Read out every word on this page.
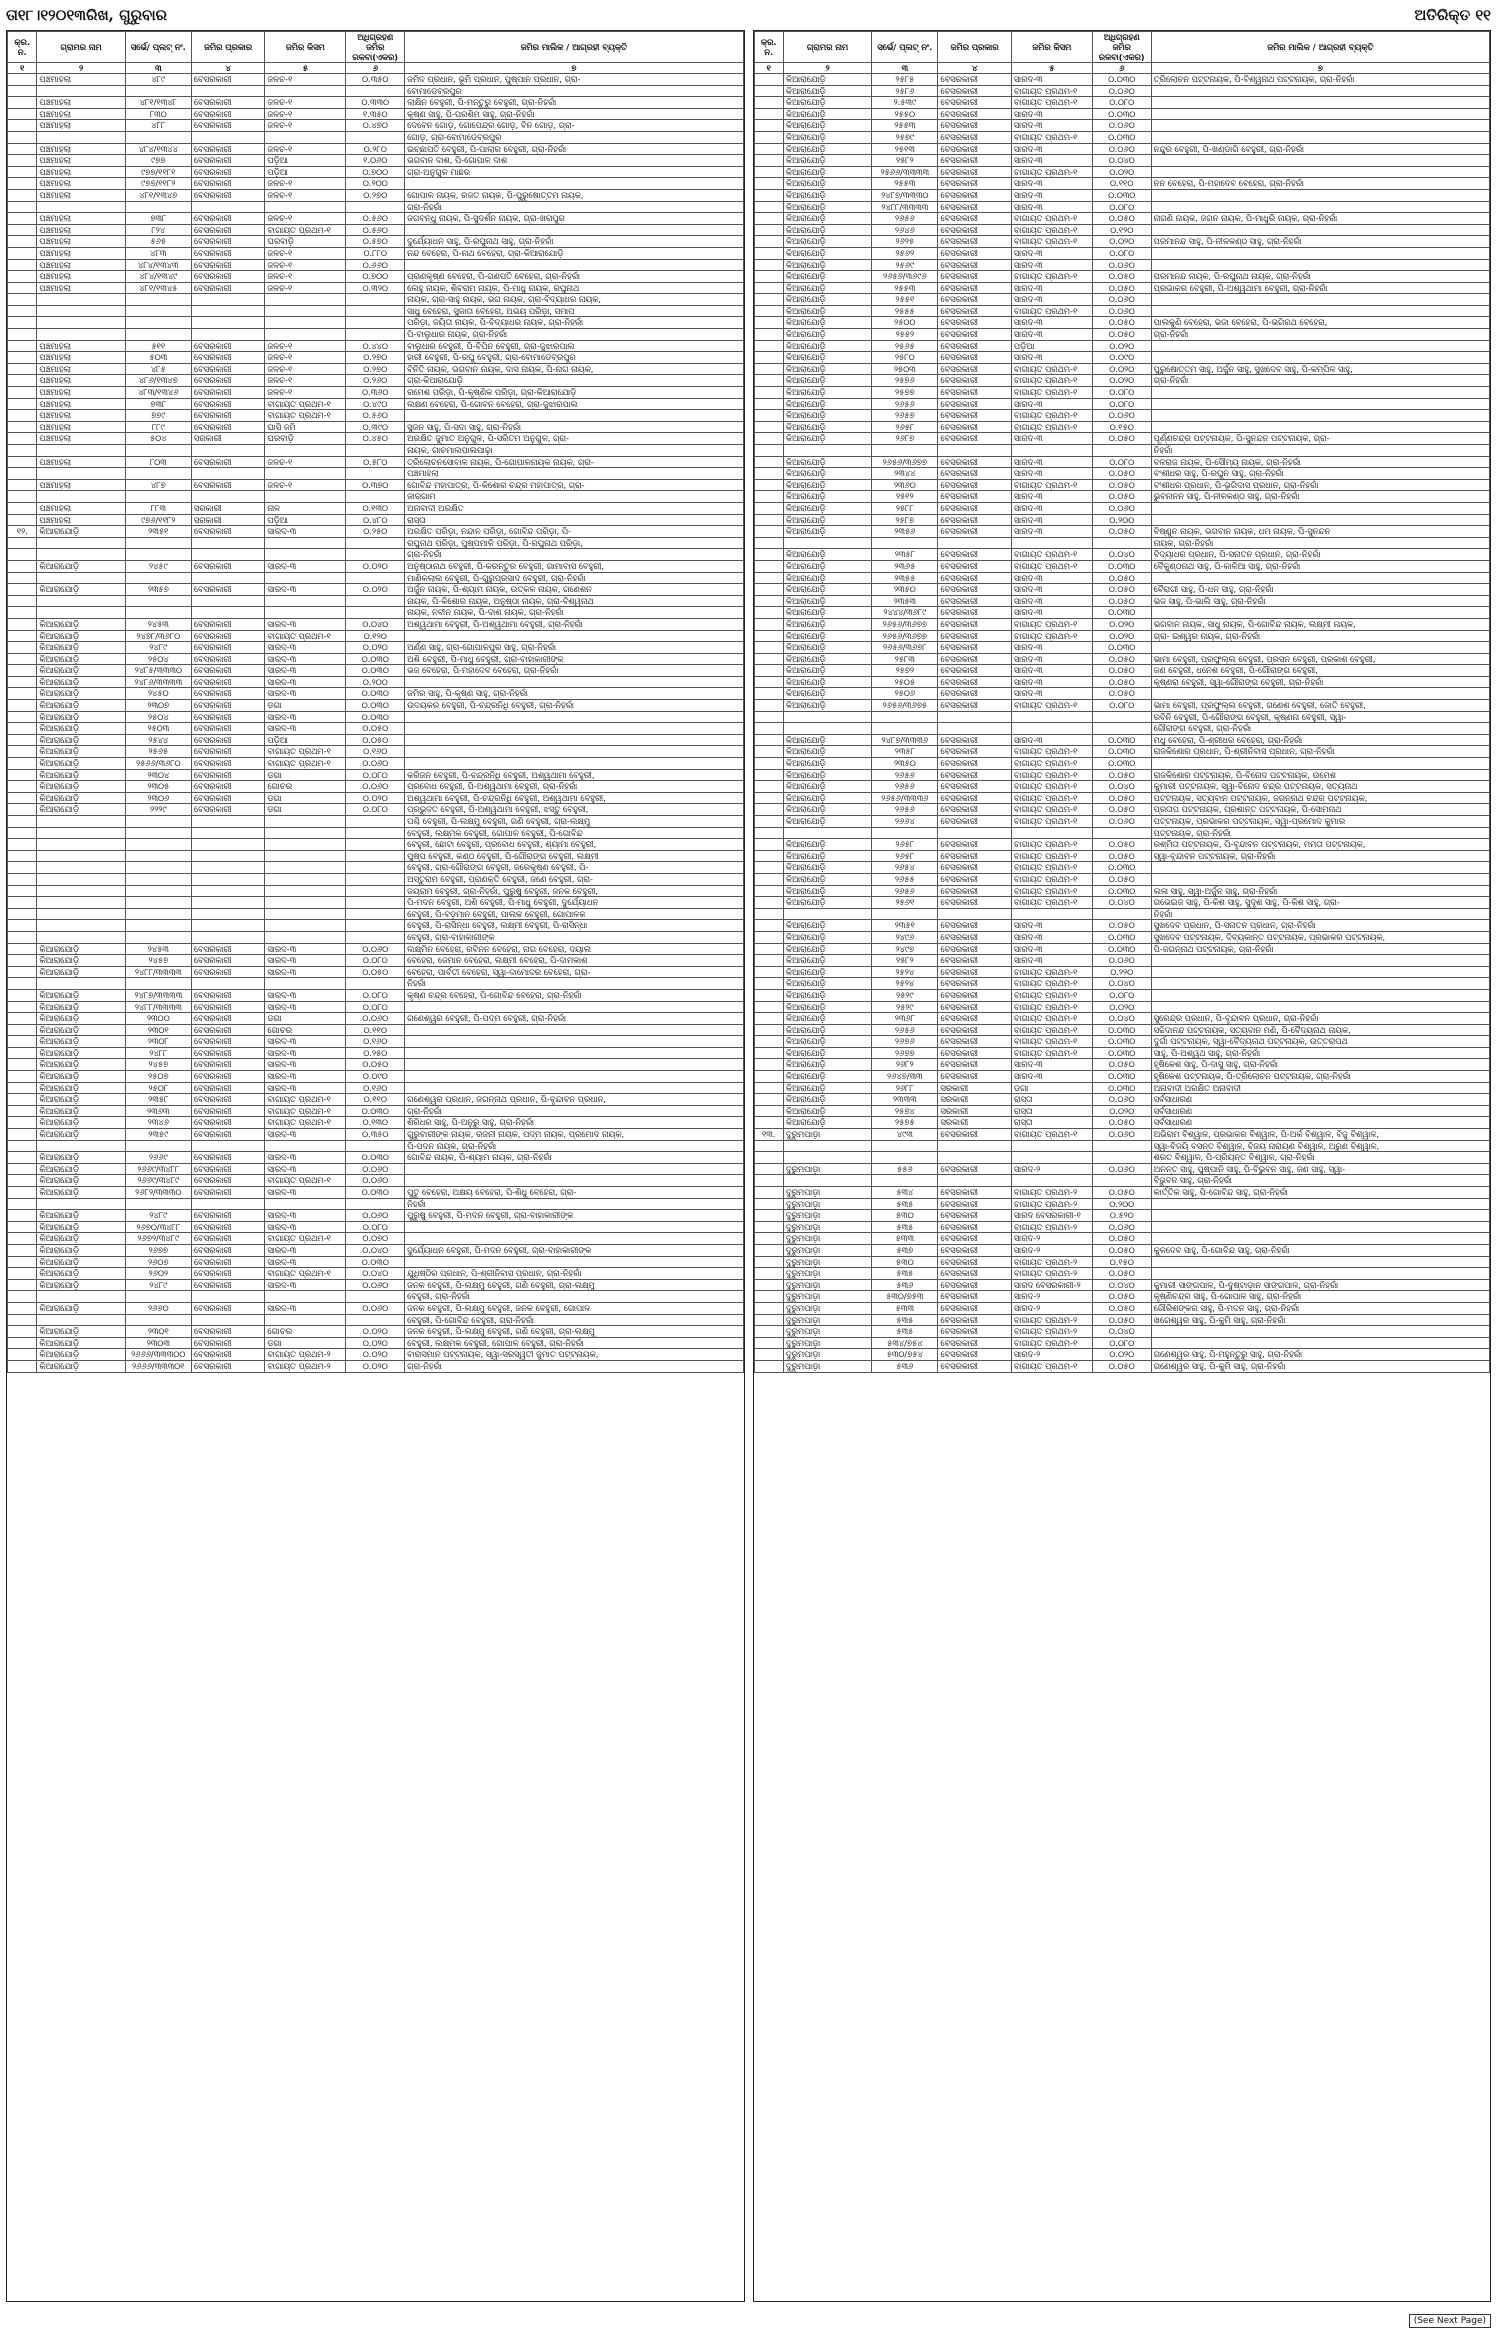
ତା୧୮।୧୨୦୧୩ରିଖ, ଗୁରୁବାର	ଅତିରିକ୍ତ ୧୧
କ୍ର. ନ.	ଗ୍ରାମର ନାମ	ସର୍ଭେ/ ପ୍ଲଟ୍ ନଂ.	ଜମିର ପ୍ରକାର	ଜମିର କିସମ	ଅଧିଗ୍ରହଣ ଜମିର ରକବା(ଏକର)	ଜମିର ମାଲିକ / ଆଗ୍ରହୀ ବ୍ୟକ୍ତି
୧	୨	୩	୪	୫	୬	୭
	ପଞ୍ଚମାହଲା	୪୮୯	ବେସରକାରୀ	ଜଳଚ-୧	୦.୩୫୦	ଜମିଦ ପ୍ରଧାନ, ଭୂମି ପ୍ରଧାନ, ପୁଷ୍ପାନ ପ୍ରଧାନ, ଗ୍ରା-
						ବୋମାଡେବ୍ରପୁର
	ପଞ୍ଚମାହଲା	୪୮୧/୧୩୪୮	ବେସରକାରୀ	ଜଳଚ-୧	୦.୩୩୦	ଲାକ୍ଷିନ ବେହୁରୀ, ପି-ମନ୍ତୁରୁ ବେହୁରୀ, ଗ୍ରା-ନିହରାଁ
	ପଞ୍ଚମାହଲା	୮୩୦	ବେସରକାରୀ	ଜଳଚ-୧	୧.୩୫୦	କୃଷ୍ଣ ସାହୁ, ପି-ପରଶିମ ସାହୁ, ଗ୍ରା-ନିହରାଁ
	ପଞ୍ଚମାହଲା	୪୮୮	ବେସରକାରୀ	ଜଳଚ-୧	୦.୪୭୦	ଦେବେନ ଗୋଡ଼, ଗୋପେନ୍ଦ୍ର ଗୋଡ଼, ବିନ ଗୋଡ଼, ଗ୍ରା-
						ଗୋଡ଼, ଗ୍ରା-ବୋମାଡେବ୍ରପୁର
	ପଞ୍ଚମାହଲା	୪୮୪/୧୩୪୪	ବେସରକାରୀ	ଜଳଚ-୧	୦.୨୮୦	ଇଚ୍ଛାପତି ବେହୁରୀ, ପି-ପାଲାର ବେହୁରୀ, ଗ୍ରା-ନିହରାଁ
	ପଞ୍ଚମାହଲା	୯୭୭	ବେସରକାରୀ	ପଡ଼ିଆ	୧.୦୬୦	ଭଗବାନ ଦାଶ, ପି-ଗୋପାଳ ଦାଶ
	ପଞ୍ଚମାହଲା	୯୭୭/୧୧୮୧	ବେସରକାରୀ	ପଡ଼ିଆ	୦.୭୦୦	ଗ୍ରା-ଅନୁଗୁଳ ମାଛର
	ପଞ୍ଚମାହଲା	୯୭୭/୧୧୮୨	ବେସରକାରୀ	ଜଳଚ-୧	୦.୨୦୦	
	ପଞ୍ଚମାହଲା	୪୮୧/୧୩୪୭	ବେସରକାରୀ	ଜଳଚ-୧	୦.୨୭୦	ଗୋପାଳ ନାୟକ, ରଜତ ନାୟକ, ପି-ପୁରୁଷୋତ୍ତମ ନାୟକ,
						ଗ୍ରା-ନିହରାଁ
	ପଞ୍ଚମାହଲା	୭୩୮	ବେସରକାରୀ	ଜଳଚ-୧	୦.୫୬୦	ଜଗବନ୍ଧୁ ନାୟକ, ପି-ସୁଦର୍ଶନ ନାୟକ, ଗ୍ରା-ଖରାପୁର
	ପଞ୍ଚମାହଲା	୮୨୪	ବେସରକାରୀ	ବାଗାୟତ ପ୍ରଥମ-୧	୦.୫୬୦	
	ପଞ୍ଚମାହଲା	୫୬୫	ବେସରକାରୀ	ଘରବାଡ଼ି	୦.୫୭୦	ଦୁର୍ଯ୍ୟୋଧନ ସାହୁ, ପି-ରଘୁନାଥ ସାହୁ, ଗ୍ରା-ନିହରାଁ
	ପଞ୍ଚମାହଲା	୪୮୩	ବେସରକାରୀ	ଜଳଚ-୧	୦.୮୮୦	ନନ୍ଦ ବେହେରା, ପି-ନାଥ ବେହେରା, ଗ୍ରା-କିଆରାଯୋଡ଼ି
	ପଞ୍ଚମାହଲା	୪୮୪/୧୩୪୩	ବେସରକାରୀ	ଜଳଚ-୧	୦.୬୬୦	
	ପଞ୍ଚମାହଲା	୪୮୪/୧୩୪୯	ବେସରକାରୀ	ଜଳଚ-୧	୦.୭୦୦	ପ୍ରାଣକୃଷ୍ଣ ବେହେରା, ପି-ଗଣପତି ବେହେରା, ଗ୍ରା-ନିହରାଁ
	ପଞ୍ଚମାହଲା	୪୮୧/୧୩୪୫	ବେସରକାରୀ	ଜଳଚ-୧	୦.୩୨୦	ଲେହୁ ନାୟକ, ଶିବରାମ ନାୟକ, ପି-ମାଧୁ ନାୟକ, ରଘୁନାଥ
						ନାୟକ, ଗ୍ରା-ସାହୁ ନାୟକ, ଭଗ ନାୟକ, ଗ୍ରା-ବିଦ୍ୟାଧର ନାୟକ,
						ସାଧୁ ବେହେରା, ସୁଜାତା ବେହେରା, ଅଭୟ ପରିଡ଼ା, ସମାପ
						ପରିଡ଼ା, ଜୟିତା ନାୟକ, ପି-ବିଦ୍ୟାଧର ନାୟକ, ଗ୍ରା-ନିହରାଁ
						ପି-ବାଲୁଧାର ନାୟକ, ଗ୍ରା-ନିହରାଁ
	ପଞ୍ଚମାହଲା	୫୧୧	ବେସରକାରୀ	ଜଳଚ-୧	୦.୪୪୦	ବାଲୁଧାର ବେହୁରୀ, ପି-ବିପିନ ବେହୁରୀ, ଗ୍ରା-ଜୁଝାରପାଲ
	ପଞ୍ଚମାହଲା	୫୦୩	ବେସରକାରୀ	ଜଳଚ-୧	୦.୨୭୦	ହାରୀ ବେହୁରୀ, ପି-ରଘୁ ବେହୁରୀ, ଗ୍ରା-ବୋମାଡେବ୍ରପୁର
	ପଞ୍ଚମାହଲା	୪୮୫	ବେସରକାରୀ	ଜଳଚ-୧	୦.୨୭୦	ବିନିତି ନାୟକ, ଭଗବାନ ନାୟକ, ଦାସ ନାୟକ, ପି-ନାଗ ନାୟକ,
	ପଞ୍ଚମାହଲା	୪୮୬/୧୩୪୭	ବେସରକାରୀ	ଜଳଚ-୧	୦.୨୬୦	ଗ୍ରା-କିଆରାଯୋଡ଼ି
	ପଞ୍ଚମାହଲା	୪୮୩/୧୩୪୬	ବେସରକାରୀ	ଜଳଚ-୧	୦.୩୬୦	ରମେଶ ପରିଡ଼ା, ପି-କୃଷ୍ଣିକ ପରିଡ଼ା, ଗ୍ରା-କିଆରାଯୋଡ଼ି
	ପଞ୍ଚମାହଲା	୭୩୮	ବେସରକାରୀ	ବାଗାୟତ ପ୍ରଥମ-୧	୦.୪୯୦	ଲକ୍ଷଣ ବେହେରା, ପି-ଗୋବନ ବେହେରା, ଗ୍ରା-ଜୁଝାରପାଲ
	ପଞ୍ଚମାହଲା	୭୭୯	ବେସରକାରୀ	ବାଗାୟତ ପ୍ରଥମ-୧	୦.୫୬୦	
	ପଞ୍ଚମାହଲା	୮୮୯	ବେସରକାରୀ	ଘାସି ଜମି	୦.୩୯୦	ସୁଜନ ସାହୁ, ପି-ସଦା ସାହୁ, ଗ୍ରା-ନିହରାଁ
	ପଞ୍ଚମାହଲା	୫୦୪	ସରକାରୀ	ଘରବାଡ଼ି	୦.୪୫୦	ଅରକ୍ଷିତ ଜୁମାତ ଅନୁଗୁଳ, ପି-ସରିତମ ଅନୁଗୁଳ, ଗ୍ରା-
						ନାୟକ, ଗାଚମାଲପାଲପାଢ଼ା
	ପଞ୍ଚମାହଲା	୮୦୩	ବେସରକାରୀ	ଜଳଚ-୧	୦.୫୮୦	ତ୍ରିଲୋଚନସୋବାଳ ନାୟକ, ପି-ଗୋପାଳନାୟକ ନାୟକ, ଗ୍ରା-
						ପଞ୍ଚମାହଲା
	ପଞ୍ଚମାହଲା	୪୮୭	ବେସରକାରୀ	ଜଳଚ-୧	୦.୩୭୦	ଗୋବିନ୍ଦ ମହାପାତ୍ର, ପି-କିଶୋର ଚନ୍ଦ୍ର ମହାପାତ୍ର, ଗ୍ରା-
						ଜାରଗାମ
	ପଞ୍ଚମାହଲା	୮୮୩	ସରକାରୀ	ନାଳ	୦.୧୩୦	ଅନାବାଦୀ ଅରକ୍ଷିତ
	ପଞ୍ଚମାହଲା	୯୭୬/୧୧୮୨	ସରକାରୀ	ପଡ଼ିଆ	୦.୪୮୦	ରାସ୍ତା
୧୨.	କିଆରାଯୋଡ଼ି	୨୩୫୧	ବେସରକାରୀ	ସାରଦ-୩	୦.୨୫୦	ଅରକ୍ଷିତ ପରିଡ଼ା, ନନ୍ଦାନ ପରିଡ଼ା, ଗୋବିନ୍ଦ ପରିଡ଼ା, ପି-
						ରଘୁନାଥ ପରିଡ଼ା, ପୁଷ୍ପମାଳି ପରିଡ଼ା, ପି-ରଘୁନାଥ ପରିଡ଼ା,
						ଗ୍ରା-ନିହରାଁ
	କିଆରାଯୋଡ଼ି	୨୪୫୯	ବେସରକାରୀ	ସାରଦ-୩	୦.୦୨୦	ଅନୁଷ୍ଠାନାଥ ବେହୁରୀ, ପି-କରନ୍ତୁର ବେହୁରୀ, ଗାମାବାସ ବେହୁରୀ,
						ମାଣିକଲାଲ ବେହୁରୀ, ପି-ଗୁରୁପ୍ରସାଦ ବେହୁରୀ, ଗ୍ରା-ନିହରାଁ
	କିଆରାଯୋଡ଼ି	୨୩୫୭	ବେସରକାରୀ	ସାରଦ-୩	୦.୦୨୦	ଅର୍ଜୁନ ନାୟକ, ପି-ଶ୍ୟାମ ନାୟକ, ଉତ୍କଳ ନାୟକ, ଗଣେଶନ
						ନାୟକ, ପି-କିଶୋର ନାୟକ, ଅନୁଷ୍ଠା ନାୟକ, ଗ୍ରା-ବିଶ୍ୱନାଥ
						ନାୟକ, ନବୀନ ନାୟକ, ପି-ଦାଶ ନାୟକ, ଗ୍ରା-ନିହରାଁ
	କିଆରାଯୋଡ଼ି	୨୪୫୩	ବେସରକାରୀ	ସାରଦ-୩	୦.୦୪୦	ଅଶ୍ୱଥାମା ବେହୁରୀ, ପି-ଅଶ୍ୱଥାମା ବେହୁରୀ, ଗ୍ରା-ନିହରାଁ
	କିଆରାଯୋଡ଼ି	୨୪୭୮/୩୬୮୦	ବେସରକାରୀ	ବାଗାୟତ ପ୍ରଥମ-୧	୦.୧୨୦	
	କିଆରାଯୋଡ଼ି	୨୪୮୯	ବେସରକାରୀ	ସାରଦ-୩	୦.୦୨୦	ଅର୍ଣ୍ଣ ସାହୁ, ଗ୍ରା-ଗୋପାଳପୁର ସାହୁ, ଗ୍ରା-ନିହରାଁ
	କିଆରାଯୋଡ଼ି	୨୫୦୪	ବେସରକାରୀ	ସାରଦ-୩	୦.୦୩୦	ଅଶି ବେହୁରୀ, ପି-ମାଧୁ ବେହୁରୀ, ଗ୍ରା-ବାହାକାରୀଙ୍କ
	କିଆରାଯୋଡ଼ି	୨୪୮୫/୩୩୩୦	ବେସରକାରୀ	ସାରଦ-୩	୦.୦୩୦	ଭଜ ବେହେରା, ପି-ମହାଦେବ ବେହେରା, ଗ୍ରା-ନିହରାଁ
	କିଆରାଯୋଡ଼ି	୨୪୮୬/୩୩୩୩	ବେସରକାରୀ	ସାରଦ-୩	୦.୨୦୦	
	କିଆରାଯୋଡ଼ି	୨୪୫୦	ବେସରକାରୀ	ସାରଦ-୩	୦.୦୩୦	ଜମିର ସାହୁ, ପି-କୃଷ୍ଣ ସାହୁ, ଗ୍ରା-ନିହରାଁ
	କିଆରାଯୋଡ଼ି	୨୩୦୭	ବେସରକାରୀ	ଡଗା	୦.୦୩୦	ଉଦୟକର ବେହୁରୀ, ପି-ଚନ୍ଦ୍ରନିଧି ବେହୁରୀ, ଗ୍ରା-ନିହରାଁ
	କିଆରାଯୋଡ଼ି	୨୫୦୪	ବେସରକାରୀ	ସାରଦ-୩	୦.୦୩୦	
	କିଆରାଯୋଡ଼ି	୨୫୦୩	ବେସରକାରୀ	ସାରଦ-୩	୦.୦୫୦	
	କିଆରାଯୋଡ଼ି	୨୫୪୪	ବେସରକାରୀ	ପଡ଼ିଆ	୦.୦୫୦	
	କିଆରାଯୋଡ଼ି	୨୫୬୫	ବେସରକାରୀ	ବାଗାୟତ ପ୍ରଥମ-୧	୦.୧୬୦	
	କିଆରାଯୋଡ଼ି	୨୫୬୬/୩୬୮୦	ବେସରକାରୀ	ବାଗାୟତ ପ୍ରଥମ-୧	୦.୦୬୦	
	କିଆରାଯୋଡ଼ି	୨୩୦୪	ବେସରକାରୀ	ଡଗା	୦.୦୮୦	କରିଜନ ବେହୁରୀ, ପି-ଚନ୍ଦ୍ରନିଧି ବେହୁରୀ, ଅଶ୍ୱଥାମା ବେହୁରୀ,
	କିଆରାଯୋଡ଼ି	୨୩୦୫	ବେସରକାରୀ	ଗୋଚର	୦.୦୬୦	ପ୍ରବୋଧ ବେହୁରୀ, ପି-ଅଶ୍ୱଥାମା ବେହୁରୀ, ଗ୍ରା-ନିହରାଁ
	କିଆରାଯୋଡ଼ି	୨୩୦୬	ବେସରକାରୀ	ଡଗା	୦.୦୨୦	ଅଶ୍ୱଥାମା ବେହୁରୀ, ପି-ଚନ୍ଦ୍ରନିଧି ବେହୁରୀ, ଅଶ୍ୱଥାମା ବେହୁରୀ,
	କିଆରାଯୋଡ଼ି	୨୨୨୯	ବେସରକାରୀ	ଡଗା	୦.୦୮୦	ପ୍ରଭୁଦତ ବେହୁରୀ, ପି-ଅଶ୍ୱଥାମା ବେହୁରୀ, ଝସ୍ତୁ ବେହୁରୀ,
						ପଶ୍ଚି ବେହୁରୀ, ପି-ଲକ୍ଷ୍ମୁ ବେହୁରୀ, ଗଣି ବେହୁରୀ, ଗ୍ରା-ଲକ୍ଷ୍ମୁ
						ବେହୁରୀ, ଲକ୍ଷ୍ମକ ବେହୁରୀ, ଗୋପାଳ ବେହୁରୀ, ପି-ଗୋବିନ୍ଦ
						ବେହୁରୀ, ଛୋଟା ବେହୁରୀ, ପ୍ରବୋଧ ବେହୁରୀ, ଶ୍ୟାମା ବେହୁରୀ,
						ପୁଷ୍ପ ବେହୁରୀ, କଣ୍ଠ ବେହୁରୀ, ପି-ଗୌରାଙ୍ଗ ବେହୁରୀ, ଲକ୍ଷ୍ମୀ
						ବେହୁରୀ, ଗ୍ରା-ଗୌରାଙ୍ଗ ବେହୁରୀ, ଜରେକୃଷ୍ଣ ବେହୁରୀ, ପି-
						ଅସ୍ତୁରାମ ବେହୁରୀ, ପ୍ରାଣକ୍ତି ବେହୁରୀ, ଜଣେ ବେହୁରୀ, ଗ୍ରା-
						ଜୟରାମ ବେହୁରୀ, ଗ୍ରା-ନିହରାଁ, ପୁରୁଷୁ ବେହୁରୀ, ଜନକ ବେହୁରୀ,
						ପି-ମଦନ ବେହୁରୀ, ଅଶି ବେହୁରୀ, ପି-ମାଧୁ ବେହୁରୀ, ଦୁର୍ଯ୍ୟୋଧନ
						ବେହୁରୀ, ପି-ବଡ଼ମାନ ବେହୁରୀ, ପାଲକ ବେହୁରୀ, ଗୋପାଳକ
						ବେହୁରୀ, ପି-ରାସିନ୍ଧା ବେହୁରୀ, ଲକ୍ଷ୍ମୀ ବେହୁରୀ, ପି-ରାସିନ୍ଧା
						ବେହୁରୀ, ଗ୍ରା-ବାହାକାରୀଙ୍କ
	କିଆରାଯୋଡ଼ି	୨୪୫୩	ବେସରକାରୀ	ସାରଦ-୩	୦.୦୬୦	ଲକ୍ଷ୍ମିନ ବେହେରା, ରବିନନ ବେହେରା, ନାଗ ବେହେରା, ଦୟାଲ
	କିଆରାଯୋଡ଼ି	୨୪୫୭	ବେସରକାରୀ	ସାରଦ-୩	୦.୦୮୦	ବେହେରା, ଜେମାନ ବେହେରା, ଲକ୍ଷ୍ମୀ ବେହେରା, ପି-ଦାମକାଶ
	କିଆରାଯୋଡ଼ି	୨୪୮୮/୩୩୩୩	ବେସରକାରୀ	ସାରଦ-୩	୦.୦୫୦	ବେହେରା, ପାର୍ବତୀ ବେହେରା, ସ୍ୱା-ଦାମୋଦର ବେହେରା, ଗ୍ରା-
						ନିହରାଁ
	କିଆରାଯୋଡ଼ି	୨୪୮୭/୩୩୩୩	ବେସରକାରୀ	ସାରଦ-୩	୦.୦୮୦	କୃଷ୍ଣ ଚନ୍ଦ୍ର ବେହେରା, ପି-ଗୋବିନ୍ଦ ବେହେରା, ଗ୍ରା-ନିହରାଁ
	କିଆରାଯୋଡ଼ି	୨୪୮୮/୩୩୩୩	ବେସରକାରୀ	ସାରଦ-୩	୦.୦୮୦	
	କିଆରାଯୋଡ଼ି	୨୩୦୦	ବେସରକାରୀ	ଡଗା	୦.୦୬୦	ଗଣେଶ୍ୱର ବେହୁରୀ, ପି-ପଦ୍ମ ବେହୁରୀ, ଗ୍ରା-ନିହରାଁ
	କିଆରାଯୋଡ଼ି	୨୩୦୧	ବେସରକାରୀ	ଗୋଚର	୦.୧୧୦	
	କିଆରାଯୋଡ଼ି	୨୩୦୮	ବେସରକାରୀ	ସାରଦ-୩	୦.୧୬୦	
	କିଆରାଯୋଡ଼ି	୨୪୮୮	ବେସରକାରୀ	ସାରଦ-୩	୦.୨୫୦	
	କିଆରାଯୋଡ଼ି	୨୪୫୭	ବେସରକାରୀ	ସାରଦ-୩	୦.୦୫୦	
	କିଆରାଯୋଡ଼ି	୨୫୦୭	ବେସରକାରୀ	ସାରଦ-୩	୦.୦୯୦	
	କିଆରାଯୋଡ଼ି	୨୫୦୮	ବେସରକାରୀ	ସାରଦ-୩	୦.୧୬୦	
	କିଆରାଯୋଡ଼ି	୨୩୫୮	ବେସରକାରୀ	ବାଗାୟତ ପ୍ରଥମ-୧	୦.୧୧୦	ଗଣେଶ୍ୱର ପ୍ରଧାନ, ଜଗନ୍ନାଥ ପ୍ରଧାନ, ପି-ବୃନ୍ଦାବନ ପ୍ରଧାନ,
	କିଆରାଯୋଡ଼ି	୨୩୬୩	ବେସରକାରୀ	ବାଗାୟତ ପ୍ରଥମ-୧	୦.୦୩୦	ଗ୍ରା-ନିହରାଁ
	କିଆରାଯୋଡ଼ି	୨୩୪୬	ବେସରକାରୀ	ବାଗାୟତ ପ୍ରଥମ-୧	୦.୧୩୦	ଶିରିଧର ସାହୁ, ପି-ଅନୁରୁ ସାହୁ, ଗ୍ରା-ନିହରାଁ
	କିଆରାଯୋଡ଼ି	୨୩୫୯	ବେସରକାରୀ	ସାରଦ-୩	୦.୩୫୦	ଗୁରୁବାରୀଙ୍କ ନାୟକ, ରଜନୀ ନାୟକ, ପଦ୍ମ ନାୟକ, ପ୍ରମୋଦ ନାୟକ,
						ପି-ପଦନ ନାୟକ, ଗ୍ରା-ନିହରାଁ
	କିଆରାଯୋଡ଼ି	୨୬୬୯	ବେସରକାରୀ	ସାରଦ-୩	୦.୦୩୦	ଗୋବିନ୍ଦ ନାୟକ, ପି-ଶ୍ୟାମ ନାୟକ, ଗ୍ରା-ନିହରାଁ
	କିଆରାଯୋଡ଼ି	୨୬୬୯/୩୪୮୮	ବେସରକାରୀ	ସାରଦ-୩	୦.୦୬୦	
	କିଆରାଯୋଡ଼ି	୨୬୬୯/୩୪୮୯	ବେସରକାରୀ	ବାଗାୟତ ପ୍ରଥମ-୧	୦.୦୬୦	
	କିଆରାଯୋଡ଼ି	୨୬୮୨/୩୩୩୦	ବେସରକାରୀ	ସାରଦ-୩	୦.୦୩୦	ପୁତୁ ବେହେରା, ଅକ୍ଷୟ ବେହେରା, ପି-ଶିଧୁ ବେହେରା, ଗ୍ରା-
						ନିହରାଁ
	କିଆରାଯୋଡ଼ି	୨୪୮୯	ବେସରକାରୀ	ସାରଦ-୩	୦.୦୬୦	ପୁରୁଷୁ ବେହୁରୀ, ପି-ମଦନ ବେହୁରୀ, ଗ୍ରା-ବାହାକାରୀଙ୍କ
	କିଆରାଯୋଡ଼ି	୨୬୭୦/୩୪୮୮	ବେସରକାରୀ	ସାରଦ-୩	୦.୦୮୦	
	କିଆରାଯୋଡ଼ି	୨୬୭୨/୩୪୮୯	ବେସରକାରୀ	ବାଗାୟତ ପ୍ରଥମ-୧	୦.୦୭୦	
	କିଆରାଯୋଡ଼ି	୨୬୭୭	ବେସରକାରୀ	ସାରଦ-୩	୦.୦୪୦	ଦୁର୍ଯ୍ୟୋଧନ ବେହୁରୀ, ପି-ମଦନ ବେହୁରୀ, ଗ୍ରା-ବାହାକାରୀଙ୍କ
	କିଆରାଯୋଡ଼ି	୨୬୦୭	ବେସରକାରୀ	ସାରଦ-୩	୦.୦୩୦	
	କିଆରାଯୋଡ଼ି	୨୬୦୨	ବେସରକାରୀ	ବାଗାୟତ ପ୍ରଥମ-୧	୦.୦୪୦	ଯୁଧିଷ୍ଠିର ପ୍ରଧାନ, ପି-ଶ୍ରୀନିବାସ ପ୍ରଧାନ, ଗ୍ରା-ନିହରାଁ
	କିଆରାଯୋଡ଼ି	୨୪୮୯	ବେସରକାରୀ	ସାରଦ-୩	୦.୦୬୦	ଜନକ ବେହୁରୀ, ପି-ଲକ୍ଷ୍ମୁ ବେହୁରୀ, ଗଣି ବେହୁରୀ, ଗ୍ରା-ଲକ୍ଷ୍ମୁ
						ବେହୁରୀ, ଗ୍ରା-ନିହରାଁ
	କିଆରାଯୋଡ଼ି	୨୬୬୦	ବେସରକାରୀ	ସାରଦ-୩	୦.୦୬୦	ଜନକ ବେହୁରୀ, ପି-ଲକ୍ଷ୍ମୁ ବେହୁରୀ, ଜନକ ବେହୁରୀ, ଗୋପାଳ
						ବେହୁରୀ, ପି-ଗୋବିନ୍ଦ ବେହୁରୀ, ଗ୍ରା-ନିହରାଁ
	କିଆରାଯୋଡ଼ି	୨୩୦୧	ବେସରକାରୀ	ଗୋଚର	୦.୦୨୦	ଜନକ ବେହୁରୀ, ପି-ଲକ୍ଷ୍ମୁ ବେହୁରୀ, ଗଣି ବେହୁରୀ, ଗ୍ରା-ଲକ୍ଷ୍ମୁ
	କିଆରାଯୋଡ଼ି	୨୩୦୩	ବେସରକାରୀ	ଡଗା	୦.୦୨୦	ବେହୁରୀ, ଲକ୍ଷ୍ମକ ବେହୁରୀ, ଗୋପାଳ ବେହୁରୀ, ଗ୍ରା-ନିହରାଁ
	କିଆରାଯୋଡ଼ି	୨୬୬୬/୩୩୩୦୦	ବେସରକାରୀ	ବାଗାୟତ ପ୍ରଥମ-୨	୦.୦୨୦	ବାରାସମାନ ପଟ୍ଟନାୟକ, ସ୍ୱା-ସରସ୍ୱତୀ ଜୁମାତ ପଟ୍ଟନାୟକ,
	କିଆରାଯୋଡ଼ି	୨୬୬୬/୩୩୩୦୧	ବେସରକାରୀ	ବାଗାୟତ ପ୍ରଥମ-୨	୦.୦୨୦	ଗ୍ରା-ନିହରାଁ
କ୍ର. ନ.	ଗ୍ରାମର ନାମ	ସର୍ଭେ/ ପ୍ଲଟ୍ ନଂ.	ଜମିର ପ୍ରକାର	ଜମିର କିସମ	ଅଧିଗ୍ରହଣ ଜମିର ରକବା(ଏକର)	ଜମିର ମାଲିକ / ଆଗ୍ରହୀ ବ୍ୟକ୍ତି
୧	୨	୩	୪	୫	୬	୭
	କିଆରାଯୋଡ଼ି	୨୫୮୫	ବେସରକାରୀ	ସାରଦ-୩	୦.୦୩୦	ତ୍ରିଲୋଚନ ପଟ୍ଟନାୟକ, ପି-ବିଶ୍ୱନାଥ ପଟ୍ଟନାୟକ, ଗ୍ରା-ନିହରାଁ
	କିଆରାଯୋଡ଼ି	୨୫୮୬	ବେସରକାରୀ	ବାଗାୟତ ପ୍ରଥମ-୧	୦.୦୬୦	
	କିଆରାଯୋଡ଼ି	୨.୫୩୯	ବେସରକାରୀ	ବାଗାୟତ ପ୍ରଥମ-୧	୦.୦୮୦	
	କିଆରାଯୋଡ଼ି	୨୫୫୦	ବେସରକାରୀ	ସାରଦ-୩	୦.୦୩୦	
	କିଆରାଯୋଡ଼ି	୨୫୫୩	ବେସରକାରୀ	ସାରଦ-୩	୦.୦୬୦	
	କିଆରାଯୋଡ଼ି	୨୫୭୯	ବେସରକାରୀ	ବାଗାୟତ ପ୍ରଥମ-୧	୦.୦୩୦	
	କିଆରାଯୋଡ଼ି	୨୫୧୩	ବେସରକାରୀ	ସାରଦ-୩	୦.୦୬୦	ନନ୍ଦୁର ବେହୁରୀ, ପି-ଖଣ୍ଡାଗି ବେହୁରୀ, ଗ୍ରା-ନିହରାଁ
	କିଆରାଯୋଡ଼ି	୨୫୮୨	ବେସରକାରୀ	ସାରଦ-୩	୦.୦୪୦	
	କିଆରାଯୋଡ଼ି	୨୫୬୬/୩୩୩୩	ବେସରକାରୀ	ବାଗାୟତ ପ୍ରଥମ-୧	୦.୦୨୦	
	କିଆରାଯୋଡ଼ି	୨୫୫୩	ବେସରକାରୀ	ସାରଦ-୩	୦.୧୧୦	ନନ ବେହେରା, ପି-ମହାଦେବ ବେହେରା, ଗ୍ରା-ନିହରାଁ
	କିଆରାଯୋଡ଼ି	୨୪୮୭/୩୩୩୦	ବେସରକାରୀ	ସାରଦ-୩	୦.୦୩୦	
	କିଆରାଯୋଡ଼ି	୨୪୮୮/୩୩୩୩	ବେସରକାରୀ	ସାରଦ-୩	୦.୦୮୦	
	କିଆରାଯୋଡ଼ି	୨୬୫୬	ବେସରକାରୀ	ବାଗାୟତ ପ୍ରଥମ-୧	୦.୦୫୦	ନାଗଣି ନାୟକ, ଜଗନ ନାୟକ, ପି-ମାଧୁରି ନାୟକ, ଗ୍ରା-ନିହରାଁ
	କିଆରାଯୋଡ଼ି	୨୬୪୬	ବେସରକାରୀ	ବାଗାୟତ ପ୍ରଥମ-୧	୦.୧୨୦	
	କିଆରାଯୋଡ଼ି	୨୬୨୫	ବେସରକାରୀ	ବାଗାୟତ ପ୍ରଥମ-୧	୦.୦୨୦	ପରମାନନ୍ଦ ସାହୁ, ପି-ନୀଳକଣ୍ଠ ସାହୁ, ଗ୍ରା-ନିହରାଁ
	କିଆରାଯୋଡ଼ି	୨୫୬୨	ବେସରକାରୀ	ସାରଦ-୩	୦.୦୮୦	
	କିଆରାଯୋଡ଼ି	୨୫୬୯	ବେସରକାରୀ	ସାରଦ-୩	୦.୦୬୦	
	କିଆରାଯୋଡ଼ି	୨୬୫୬/୩୬୯୬	ବେସରକାରୀ	ବାଗାୟତ ପ୍ରଥମ-୧	୦.୦୫୦	ପରମାନନ୍ଦ ନାୟକ, ପି-ରଘୁନାଥ ନାୟକ, ଗ୍ରା-ନିହରାଁ
	କିଆରାଯୋଡ଼ି	୨୫୫୩	ବେସରକାରୀ	ସାରଦ-୩	୦.୦୫୦	ପ୍ରଭାକର ବେହୁରୀ, ପି-ଅଶ୍ୱଥାମା ବେହୁରୀ, ଗ୍ରା-ନିହରାଁ
	କିଆରାଯୋଡ଼ି	୨୫୫୧	ବେସରକାରୀ	ସାରଦ-୩	୦.୦୬୦	
	କିଆରାଯୋଡ଼ି	୨୫୫୫	ବେସରକାରୀ	ବାଗାୟତ ପ୍ରଥମ-୧	୦.୦୬୦	
	କିଆରାଯୋଡ଼ି	୨୫୦୦	ବେସରକାରୀ	ସାରଦ-୩	୦.୦୫୦	ପାଲକୁଣି ବେହେରା, ଭଜା ବେହେରା, ପି-ଭଗିରଥ ବେହେରା,
	କିଆରାଯୋଡ଼ି	୨୫୫୨	ବେସରକାରୀ	ସାରଦ-୩	୦.୦୫୦	ଗ୍ରା-ନିହରାଁ
	କିଆରାଯୋଡ଼ି	୨୫୬୫	ବେସରକାରୀ	ପଡ଼ିଆ	୦.୦୨୦	
	କିଆରାଯୋଡ଼ି	୨୫୮୦	ବେସରକାରୀ	ସାରଦ-୩	୦.୦୯୦	
	କିଆରାଯୋଡ଼ି	୨୫୦୩	ବେସରକାରୀ	ବାଗାୟତ ପ୍ରଥମ-୧	୦.୦୨୦	ପୁରୁଷୋତ୍ତମ ସାହୁ, ଅର୍ଜୁନ ସାହୁ, ସୁଖଦେବ ସାହୁ, ପି-କମ୍ପିଳ ସାହୁ,
	କିଆରାଯୋଡ଼ି	୨୫୭୬	ବେସରକାରୀ	ବାଗାୟତ ପ୍ରଥମ-୧	୦.୦୨୦	ଗ୍ରା-ନିହରାଁ
	କିଆରାଯୋଡ଼ି	୨୫୭୭	ବେସରକାରୀ	ବାଗାୟତ ପ୍ରଥମ-୧	୦.୦୮୦	
	କିଆରାଯୋଡ଼ି	୨୬୫୬	ବେସରକାରୀ	ସାରଦ-୩	୦.୦୮୦	
	କିଆରାଯୋଡ଼ି	୨୬୫୭	ବେସରକାରୀ	ବାଗାୟତ ପ୍ରଥମ-୧	୦.୦୬୦	
	କିଆରାଯୋଡ଼ି	୨୬୫୮	ବେସରକାରୀ	ବାଗାୟତ ପ୍ରଥମ-୧	୦.୧୫୦	
	କିଆରାଯୋଡ଼ି	୨୬୮୭	ବେସରକାରୀ	ସାରଦ-୩	୦.୦୫୦	ପୂର୍ଣ୍ଣଚନ୍ଦ୍ର ପଟ୍ଟନାୟକ, ପି-ସୁନନ୍ଦନ ପଟ୍ଟନାୟକ, ଗ୍ରା-
						ନିହରାଁ
	କିଆରାଯୋଡ଼ି	୨୬୫୬/୩୬୭୭	ବେସରକାରୀ	ସାରଦ-୩	୦.୦୮୦	ବଳରାଜ ନାୟକ, ପି-ସୌମ୍ୟ ନାୟକ, ଗ୍ରା-ନିହରାଁ
	କିଆରାଯୋଡ଼ି	୨୩୪୪	ବେସରକାରୀ	ସାରଦ-୩	୦.୦୫୦	ବଂଶୀଧର ସାହୁ, ପି-ରଘୁନ ସାହୁ, ଗ୍ରା-ନିହରାଁ
	କିଆରାଯୋଡ଼ି	୨୩୬୦	ବେସରକାରୀ	ବାଗାୟତ ପ୍ରଥମ-୧	୦.୦୫୦	ବଂଶୀଧର ପ୍ରଧାନ, ପି-ଭୃଗିଦାସ ପ୍ରଧାନ, ଗ୍ରା-ନିହରାଁ
	କିଆରାଯୋଡ଼ି	୨୫୧୨	ବେସରକାରୀ	ସାରଦ-୩	୦.୦୫୦	ଭୁବନାନନ ସାହୁ, ପି-ନୀଳକଣ୍ଠ ସାହୁ, ଗ୍ରା-ନିହରାଁ
	କିଆରାଯୋଡ଼ି	୨୫୮୮	ବେସରକାରୀ	ସାରଦ-୩	୦.୦୬୦	
	କିଆରାଯୋଡ଼ି	୨୫୮୭	ବେସରକାରୀ	ସାରଦ-୩	୦.୨୦୦	
	କିଆରାଯୋଡ଼ି	୨୩୫୬	ବେସରକାରୀ	ସାରଦ-୩	୦.୦୫୦	ବିଷ୍ଣୁନ ନାୟକ, ଭଗବାନ ନାୟକ, ଧମ ନାୟକ, ପି-ସୁନନ୍ଦନ
						ନାୟକ, ଗ୍ରା-ନିହରାଁ
	କିଆରାଯୋଡ଼ି	୨୩୫୮	ବେସରକାରୀ	ବାଗାୟତ ପ୍ରଥମ-୧	୦.୦୪୦	ବିଦ୍ୟାଧର ପ୍ରଧାନ, ପି-ସନାତନ ପ୍ରଧାନ, ଗ୍ରା-ନିହରାଁ
	କିଆରାଯୋଡ଼ି	୨୩୬୫	ବେସରକାରୀ	ବାଗାୟତ ପ୍ରଥମ-୧	୦.୦୩୦	ବୈକୁଣ୍ଠନାଥ ସାହୁ, ପି-କାଳିଆ ସାହୁ, ଗ୍ରା-ନିହରାଁ
	କିଆରାଯୋଡ଼ି	୨୩୫୫	ବେସରକାରୀ	ସାରଦ-୩	୦.୦୫୦	
	କିଆରାଯୋଡ଼ି	୨୩୫୦	ବେସରକାରୀ	ସାରଦ-୩	୦.୦୫୦	ବୈରାଗୀ ସାହୁ, ପି-ଧନ ସାହୁ, ଗ୍ରା-ନିହରାଁ
	କିଆରାଯୋଡ଼ି	୨୩୫୩	ବେସରକାରୀ	ସାରଦ-୩	୦.୦୫୦	ଭଜ ସାହୁ, ପି-ଭାଲି ସାହୁ, ଗ୍ରା-ନିହରାଁ
	କିଆରାଯୋଡ଼ି	୨୪୪୪/୩୬୮୯	ବେସରକାରୀ	ସାରଦ-୩	୦.୦୩୦	
	କିଆରାଯୋଡ଼ି	୨୬୫୬/୩୬୭୭	ବେସରକାରୀ	ବାଗାୟତ ପ୍ରଥମ-୧	୦.୦୨୦	ଭଗବାନ ନାୟକ, ସାଧୁ ନାୟକ, ପି-ଗୋବିନ୍ଦ ନାୟକ, ଲକ୍ଷ୍ମୀ ନାୟକ,
	କିଆରାଯୋଡ଼ି	୨୬୫୬/୩୬୭୭	ବେସରକାରୀ	ବାଗାୟତ ପ୍ରଥମ-୧	୦.୦୨୦	ଗ୍ରା- ଇଶ୍ୱର ନାୟକ, ଗ୍ରା-ନିହରାଁ
	କିଆରାଯୋଡ଼ି	୨୬୫୬/୩୬୭୮	ବେସରକାରୀ	ସାରଦ-୩	୦.୦୩୦	
	କିଆରାଯୋଡ଼ି	୨୫୮୩	ବେସରକାରୀ	ସାରଦ-୩	୦.୦୫୦	ଭାମା ବେହୁରୀ, ପ୍ରଫୁଲ୍ଲ ବେହୁରୀ, ପ୍ରସନ ବେହୁରୀ, ପ୍ରକାଶ ବେହୁରୀ,
	କିଆରାଯୋଡ଼ି	୨୫୭୨	ବେସରକାରୀ	ସାରଦ-୩	୦.୦୫୦	ଜଣ ବେହୁରୀ, ଧନେଶ ବେହୁରୀ, ପି-ଗୌରାଙ୍ଗ ବେହୁରୀ,
	କିଆରାଯୋଡ଼ି	୨୫୦୫	ବେସରକାରୀ	ସାରଦ-୩	୦.୦୫୦	କୃଷ୍ଣରା ବେହୁରୀ, ସ୍ୱା-ଗୌରାଙ୍ଗ ବେହୁରୀ, ଗ୍ରା-ନିହରାଁ
	କିଆରାଯୋଡ଼ି	୨୫୦୬	ବେସରକାରୀ	ସାରଦ-୩	୦.୦୫୦	
	କିଆରାଯୋଡ଼ି	୨୬୫୬/୩୬୭୫	ବେସରକାରୀ	ବାଗାୟତ ପ୍ରଥମ-୧	୦.୦୮୦	ଭାମା ବେହୁରୀ, ପ୍ରଫୁଲ୍ଲ ବେହୁରୀ, ଗଣେଶ ବେହୁରୀ, ଜୋତି ବେହୁରୀ,
						ରବିନି ବେହୁରୀ, ପି-ଗୌରାଙ୍ଗ ବେହୁରୀ, କୃଷ୍ଣନା ବେହୁରୀ, ସ୍ୱା-
						ଗୌରାଙ୍ଗ ବେହୁରୀ, ଗ୍ରା-ନିହରାଁ
	କିଆରାଯୋଡ଼ି	୨୪୮୭/୩୩୩୬	ବେସରକାରୀ	ସାରଦ-୩	୦.୦୩୦	ମଧୁ ବେହେରା, ପି-ଶ୍ରୀଧର ବେହେରା, ଗ୍ରା-ନିହରାଁ
	କିଆରାଯୋଡ଼ି	୨୩୫୮	ବେସରକାରୀ	ବାଗାୟତ ପ୍ରଥମ-୧	୦.୦୩୦	ରାଜକିଶୋର ପ୍ରଧାନ, ପି-ଶ୍ରୀନିବାସ ପ୍ରଧାନ, ଗ୍ରା-ନିହରାଁ
	କିଆରାଯୋଡ଼ି	୨୩୫୦	ବେସରକାରୀ	ବାଗାୟତ ପ୍ରଥମ-୧	୦.୦୩୦	
	କିଆରାଯୋଡ଼ି	୨୬୫୬	ବେସରକାରୀ	ବାଗାୟତ ପ୍ରଥମ-୧	୦.୦୫୦	ରାଜକିଶୋର ପଟ୍ଟନାୟକ, ପି-ବିନୋଦ ପଟ୍ଟନାୟକ, ଉମେଶ
	କିଆରାଯୋଡ଼ି	୨୬୫୬	ବେସରକାରୀ	ବାଗାୟତ ପ୍ରଥମ-୧	୦.୦୪୦	କୁମାରୀ ପଟ୍ଟନାୟକ, ସ୍ୱା-ବିନୋଦ ଚନ୍ଦ୍ର ପଟ୍ଟନାୟକ, ସତ୍ୟନାଥ
	କିଆରାଯୋଡ଼ି	୨୬୫୬/୩୩୩୬	ବେସରକାରୀ	ବାଗାୟତ ପ୍ରଥମ-୧	୦.୦୫୦	ପଟ୍ଟନାୟକ, ସତ୍ୟବାନ ପଟ୍ଟନାୟକ, ଜଗନ୍ନାଥ ଚନ୍ଦ୍ର ପଟ୍ଟନାୟକ,
	କିଆରାଯୋଡ଼ି	୨୬୫୬	ବେସରକାରୀ	ବାଗାୟତ ପ୍ରଥମ-୧	୦.୦୫୦	ପ୍ରତାପ ପଟ୍ଟନାୟକ, ପ୍ରଶାନ୍ତ ପଟ୍ଟନାୟକ, ପି-ସୋମନାଥ
	କିଆରାଯୋଡ଼ି	୨୬୬୪	ବେସରକାରୀ	ବାଗାୟତ ପ୍ରଥମ-୧	୦.୦୬୦	ପଟ୍ଟନାୟକ, ପ୍ରଭାକର ପଟ୍ଟନାୟକ, ସ୍ୱା-ପ୍ରମୋଦ କୁମାର
						ପଟ୍ଟନାୟକ, ଗ୍ରା-ନିହରାଁ
	କିଆରାଯୋଡ଼ି	୨୬୫୮	ବେସରକାରୀ	ବାଗାୟତ ପ୍ରଥମ-୧	୦.୦୫୦	ରଶ୍ମିତା ପଟ୍ଟନାୟକ, ପି-ବୃନ୍ଦାବନ ପଟ୍ଟନାୟକ, ମମତା ପଟ୍ଟନାୟକ,
	କିଆରାଯୋଡ଼ି	୨୬୫୮	ବେସରକାରୀ	ବାଗାୟତ ପ୍ରଥମ-୧	୦.୦୫୦	ସ୍ୱା-ବୃନ୍ଦାବନ ପଟ୍ଟନାୟକ, ଗ୍ରା-ନିହରାଁ
	କିଆରାଯୋଡ଼ି	୨୬୫୪	ବେସରକାରୀ	ବାଗାୟତ ପ୍ରଥମ-୧	୦.୦୩୦	
	କିଆରାଯୋଡ଼ି	୨୬୫୫	ବେସରକାରୀ	ବାଗାୟତ ପ୍ରଥମ-୧	୦.୦୫୦	
	କିଆରାଯୋଡ଼ି	୨୬୫୬	ବେସରକାରୀ	ବାଗାୟତ ପ୍ରଥମ-୧	୦.୦୩୦	ଲଳା ସାହୁ, ସ୍ୱା-ଅର୍ଜୁନ ସାହୁ, ଗ୍ରା-ନିହରାଁ
	କିଆରାଯୋଡ଼ି	୨୫୬୧	ବେସରକାରୀ	ବାଗାୟତ ପ୍ରଥମ-୧	୦.୦୪୦	ଗଭେଇଜ ସାହୁ, ପି-କିଶ ସାହୁ, ସୁଦୃଶ ସାହୁ, ପି-କିଶ ସାହୁ, ଗ୍ରା-
						ନିହରାଁ
	କିଆରାଯୋଡ଼ି	୨୩୫୧	ବେସରକାରୀ	ସାରଦ-୩	୦.୦୫୦	ସୁଖଦେବ ପ୍ରଧାନ, ପି-ସନାତନ ପ୍ରଧାନ, ଗ୍ରା-ନିହରାଁ
	କିଆରାଯୋଡ଼ି	୨୪୯୬	ବେସରକାରୀ	ସାରଦ-୩	୦.୦୩୦	ସୁଖଦେବ ପଟ୍ଟନାୟକ, ଦିବ୍ୟକାନ୍ତ ପଟ୍ଟନାୟକ, ପ୍ରଭାକର ପଟ୍ଟନାୟକ,
	କିଆରାଯୋଡ଼ି	୨୪୯୭	ବେସରକାରୀ	ସାରଦ-୩	୦.୦୩୦	ପି-ଜଗନ୍ନାଥ ପଟ୍ଟନାୟକ, ଗ୍ରା-ନିହରାଁ
	କିଆରାଯୋଡ଼ି	୨୫୮୨	ବେସରକାରୀ	ସାରଦ-୩	୦.୦୬୦	
	କିଆରାଯୋଡ଼ି	୨୫୨୪	ବେସରକାରୀ	ବାଗାୟତ ପ୍ରଥମ-୧	୦.୨୨୦	
	କିଆରାଯୋଡ଼ି	୨୫୨୪	ବେସରକାରୀ	ବାଗାୟତ ପ୍ରଥମ-୧	୦.୦୪୦	
	କିଆରାଯୋଡ଼ି	୨୫୨୯	ବେସରକାରୀ	ବାଗାୟତ ପ୍ରଥମ-୧	୦.୦୮୦	
	କିଆରାଯୋଡ଼ି	୨୫୨୯	ବେସରକାରୀ	ବାଗାୟତ ପ୍ରଥମ-୧	୦.୦୨୦	
	କିଆରାଯୋଡ଼ି	୨୩୬୮	ବେସରକାରୀ	ବାଗାୟତ ପ୍ରଥମ-୧	୦.୦୪୦	ସୁରେନ୍ଦ୍ର ପ୍ରଧାନ, ପି-ବୃନ୍ଦାବନ ପ୍ରଧାନ, ଗ୍ରା-ନିହରାଁ
	କିଆରାଯୋଡ଼ି	୨୬୫୬	ବେସରକାରୀ	ବାଗାୟତ ପ୍ରଥମ-୧	୦.୦୩୦	ସଚ୍ଚିଦାନନ୍ଦ ପଟ୍ଟନାୟକ, ସତ୍ୟବାନ ମଣି, ପି-ବୈଦ୍ୟନାଥ ନାୟକ,
	କିଆରାଯୋଡ଼ି	୨୬୭୬	ବେସରକାରୀ	ବାଗାୟତ ପ୍ରଥମ-୧	୦.୦୩୦	ଦୁର୍ଗା ପଟ୍ଟନାୟକ, ସ୍ୱା-ବୈଦ୍ୟନାଥ ପଟ୍ଟନାୟକ, ଉତ୍ତରାପଥ
	କିଆରାଯୋଡ଼ି	୨୬୭୭	ବେସରକାରୀ	ବାଗାୟତ ପ୍ରଥମ-୧	୦.୦୩୦	ସାହୁ, ପି-ଅଶ୍ୱଥ ସାହୁ, ଗ୍ରା-ନିହରାଁ
	କିଆରାଯୋଡ଼ି	୨୬୮୨	ବେସରକାରୀ	ସାରଦ-୩	୦.୦୫୦	ହୃଷିକେଶ ସାହୁ, ପି-ଦାସୁ ସାହୁ, ଗ୍ରା-ନିହରାଁ
	କିଆରାଯୋଡ଼ି	୨୬୪୭/୩୩	ବେସରକାରୀ	ସାରଦ-୩	୦.୦୩୦	ହୃଷିକେଶ ପଟ୍ଟନାୟକ, ପି-ତ୍ରିଲୋଚନ ପଟ୍ଟନାୟକ, ଗ୍ରା-ନିହରାଁ
	କିଆରାଯୋଡ଼ି	୨୬୮୮	ସରକାରୀ	ଡଗା	୦.୦୩୦	ଅନାବାଦୀ ଅରକ୍ଷିତ ଅନାବାଦୀ
	କିଆରାଯୋଡ଼ି	୨୩୩୩	ସରକାରୀ	ରାସ୍ତା	୦.୦୬୦	ସର୍ବସାଧାରଣ
	କିଆରାଯୋଡ଼ି	୨୫୭୪	ସରକାରୀ	ରାସ୍ତା	୦.୦୨୦	ସର୍ବସାଧାରଣ
	କିଆରାଯୋଡ଼ି	୨୫୭୫	ସରକାରୀ	ରାସ୍ତା	୦.୦୫୦	ସର୍ବସାଧାରଣ
୧୩.	ଦୁରୁମପାଡ଼ା	୪୯୩	ବେସରକାରୀ	ବାଗାୟତ ପ୍ରଥମ-୧	୦.୦୬୦	ଅଭିରାମ ବିଶ୍ୱାଳ, ପ୍ରଭାକର ବିଶ୍ୱାଳ, ପି-ଅର୍କ ବିଶ୍ୱାଳ, ବିଜୁ ବିଶ୍ୱାଳ,
						ସ୍ୱା-ବିଜୟି ବସନ୍ତ ବିଶ୍ୱାଳ, ବିଜୟ ନାରାୟଣ ବିଶ୍ୱାଳ, ଅରୁଣ ବିଶ୍ୱାଳ,
						ଶରତ ବିଶ୍ୱାଳ, ପି-ପ୍ରିୟନ୍ତ ବିଶ୍ୱାଳ, ଗ୍ରା-ନିହରାଁ
	ଦୁରୁମପାଡ଼ା	୫୫୬	ବେସରକାରୀ	ସାରଦ-୨	୦.୦୬୦	ଅନନ୍ତ ସାହୁ, ପୁଷ୍ପାନି ସାହୁ, ପି-ବିଭୁବନ ସାହୁ, ଜଣ ସାହୁ, ସ୍ୱା-
						ବିଭୁବନ ସାହୁ, ଗ୍ରା-ନିହରାଁ
	ଦୁରୁମପାଡ଼ା	୫୩୪	ବେସରକାରୀ	ବାଗାୟତ ପ୍ରଥମ-୨	୦.୦୫୦	କାର୍ତ୍ତିକ ସାହୁ, ପି-ଗୋବିନ୍ଦ ସାହୁ, ଗ୍ରା-ନିହରାଁ
	ଦୁରୁମପାଡ଼ା	୫୩୫	ବେସରକାରୀ	ବାଗାୟତ ପ୍ରଥମ-୨	୦.୨୦୦	
	ଦୁରୁମପାଡ଼ା	୫୩୦	ବେସରକାରୀ	ସାରଦ ବେସରକାରୀ-୧	୦.୫୨୦	
	ଦୁରୁମପାଡ଼ା	୫୩୫	ବେସରକାରୀ	ବାଗାୟତ ପ୍ରଥମ-୨	୦.୦୬୦	
	ଦୁରୁମପାଡ଼ା	୫୩୩	ବେସରକାରୀ	ସାରଦ-୨	୦.୦୫୦	
	ଦୁରୁମପାଡ଼ା	୫୩୭	ବେସରକାରୀ	ସାରଦ-୨	୦.୦୫୦	କୁଳଦେବ ସାହୁ, ପି-ଗୋବିନ୍ଦ ସାହୁ, ଗ୍ରା-ନିହରାଁ
	ଦୁରୁମପାଡ଼ା	୫୩୦	ବେସରକାରୀ	ବାଗାୟତ ପ୍ରଥମ-୨	୦.୧୫୦	
	ଦୁରୁମପାଡ଼ା	୫୩୫	ବେସରକାରୀ	ବାଗାୟତ ପ୍ରଥମ-୨	୦.୦୫୦	
	ଦୁରୁମପାଡ଼ା	୫୩୬	ବେସରକାରୀ	ସାରଦ ବେସରକାରୀ-୨	୦.୦୪୦	କୁମାରୀ ସାଙ୍ଗପାଳ, ପି-ଦୁଷ୍ଟାଡ଼ାନ ସାଙ୍ଗପାଳ, ଗ୍ରା-ନିହରାଁ
	ଦୁରୁମପାଡ଼ା	୫୩୦/୭୫୩	ବେସରକାରୀ	ସାରଦ-୨	୦.୦୫୦	କୃଷ୍ଣିଚନ୍ଦ୍ର ସାହୁ, ପି-ଗୋପାଳ ସାହୁ, ଗ୍ରା-ନିହରାଁ
	ଦୁରୁମପାଡ଼ା	୫୩୩	ବେସରକାରୀ	ସାରଦ-୨	୦.୦୫୦	ଗୌରିଶଙ୍କର ସାହୁ, ପି-ମଦନ ସାହୁ, ଗ୍ରା-ନିହରାଁ
	ଦୁରୁମପାଡ଼ା	୫୩୫	ବେସରକାରୀ	ବାଗାୟତ ପ୍ରଥମ-୨	୦.୦୫୦	ଖଗେଶ୍ୱର ସାହୁ, ପି-କୁମି ସାହୁ, ଗ୍ରା-ନିହରାଁ
	ଦୁରୁମପାଡ଼ା	୫୩୫	ବେସରକାରୀ	ବାଗାୟତ ପ୍ରଥମ-୨	୦.୦୪୦	
	ଦୁରୁମପାଡ଼ା	୫୩୪/୭୫୪	ବେସରକାରୀ	ବାଗାୟତ ପ୍ରଥମ-୧	୦.୦୮୦	
	ଦୁରୁମପାଡ଼ା	୫୩୦/୭୫୪	ବେସରକାରୀ	ସାରଦ-୨	୦.୦୨୦	ଗଣେଶ୍ୱର ସାହୁ, ପି-ମହୁନ୍ତୁରୁ ସାହୁ, ଗ୍ରା-ନିହରାଁ
	ଦୁରୁମପାଡ଼ା	୫୩୬	ବେସରକାରୀ	ବାଗାୟତ ପ୍ରଥମ-୧	୦.୦୫୦	ଗଣେଶ୍ୱର ସାହୁ, ପି-କୁମି ସାହୁ, ଗ୍ରା-ନିହରାଁ
(See Next Page)
